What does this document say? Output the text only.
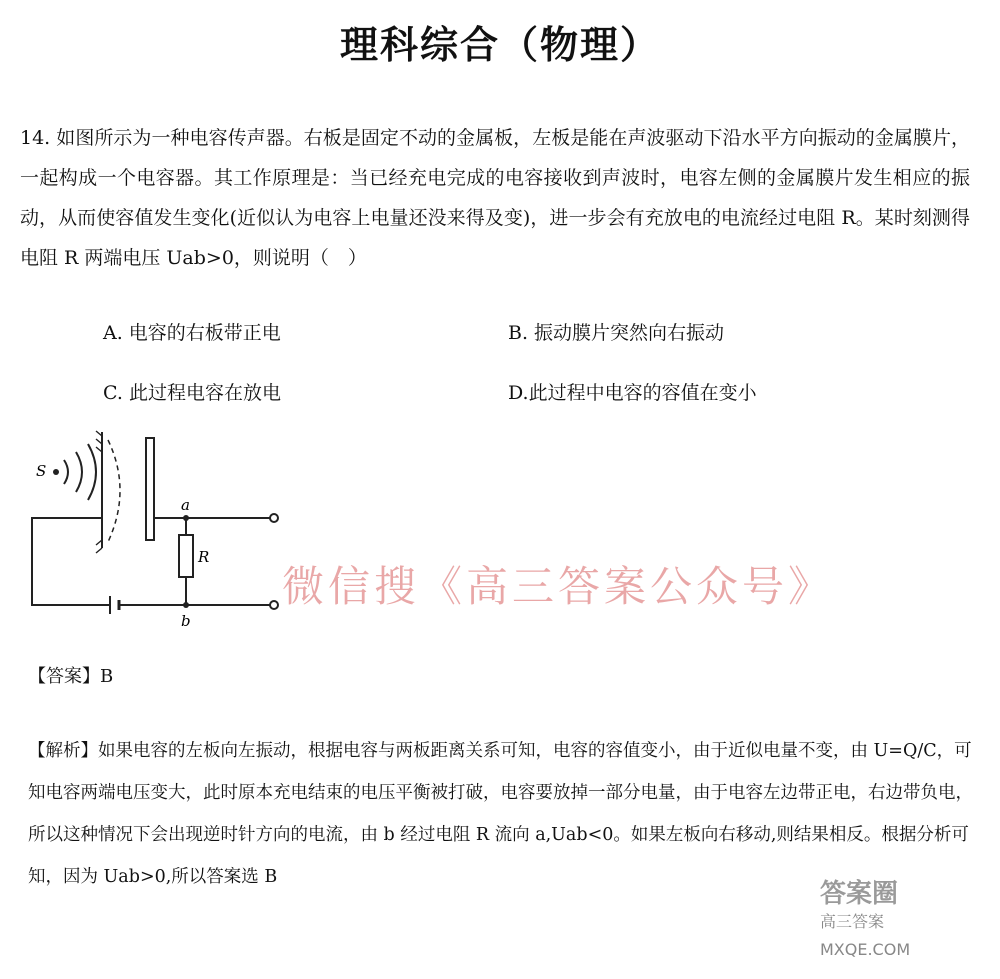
理科综合（物理）
14. 如图所示为一种电容传声器。右板是固定不动的金属板，左板是能在声波驱动下沿水平方向振动的金属膜片，一起构成一个电容器。其工作原理是：当已经充电完成的电容接收到声波时，电容左侧的金属膜片发生相应的振动，从而使容值发生变化(近似认为电容上电量还没来得及变)，进一步会有充放电的电流经过电阻 R。某时刻测得电阻 R 两端电压 Uab>0，则说明（　）
A. 电容的右板带正电	B. 振动膜片突然向右振动
C. 此过程电容在放电	D.此过程中电容的容值在变小
S
a
b
R
微信搜《高三答案公众号》
【答案】B
【解析】如果电容的左板向左振动，根据电容与两板距离关系可知，电容的容值变小，由于近似电量不变，由 U=Q/C，可知电容两端电压变大，此时原本充电结束的电压平衡被打破，电容要放掉一部分电量，由于电容左边带正电，右边带负电，所以这种情况下会出现逆时针方向的电流，由 b 经过电阻 R 流向 a,Uab<0。如果左板向右移动,则结果相反。根据分析可知，因为 Uab>0,所以答案选 B
答案圈
高三答案
MXQE.COM
